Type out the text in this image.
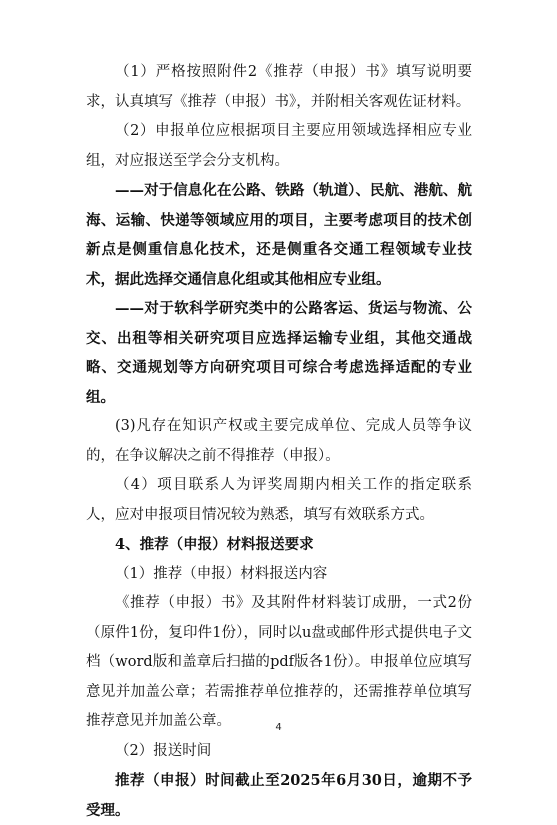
（1）严格按照附件2《推荐（申报）书》填写说明要求，认真填写《推荐（申报）书》，并附相关客观佐证材料。

（2）申报单位应根据项目主要应用领域选择相应专业组，对应报送至学会分支机构。

——对于信息化在公路、铁路（轨道）、民航、港航、航海、运输、快递等领域应用的项目，主要考虑项目的技术创新点是侧重信息化技术，还是侧重各交通工程领域专业技术，据此选择交通信息化组或其他相应专业组。

——对于软科学研究类中的公路客运、货运与物流、公交、出租等相关研究项目应选择运输专业组，其他交通战略、交通规划等方向研究项目可综合考虑选择适配的专业组。

(3)凡存在知识产权或主要完成单位、完成人员等争议的，在争议解决之前不得推荐（申报）。

（4）项目联系人为评奖周期内相关工作的指定联系人，应对申报项目情况较为熟悉，填写有效联系方式。

4、推荐（申报）材料报送要求

（1）推荐（申报）材料报送内容

《推荐（申报）书》及其附件材料装订成册，一式2份（原件1份，复印件1份），同时以u盘或邮件形式提供电子文档（word版和盖章后扫描的pdf版各1份）。申报单位应填写意见并加盖公章；若需推荐单位推荐的，还需推荐单位填写推荐意见并加盖公章。

（2）报送时间

推荐（申报）时间截止至2025年6月30日，逾期不予受理。

4
